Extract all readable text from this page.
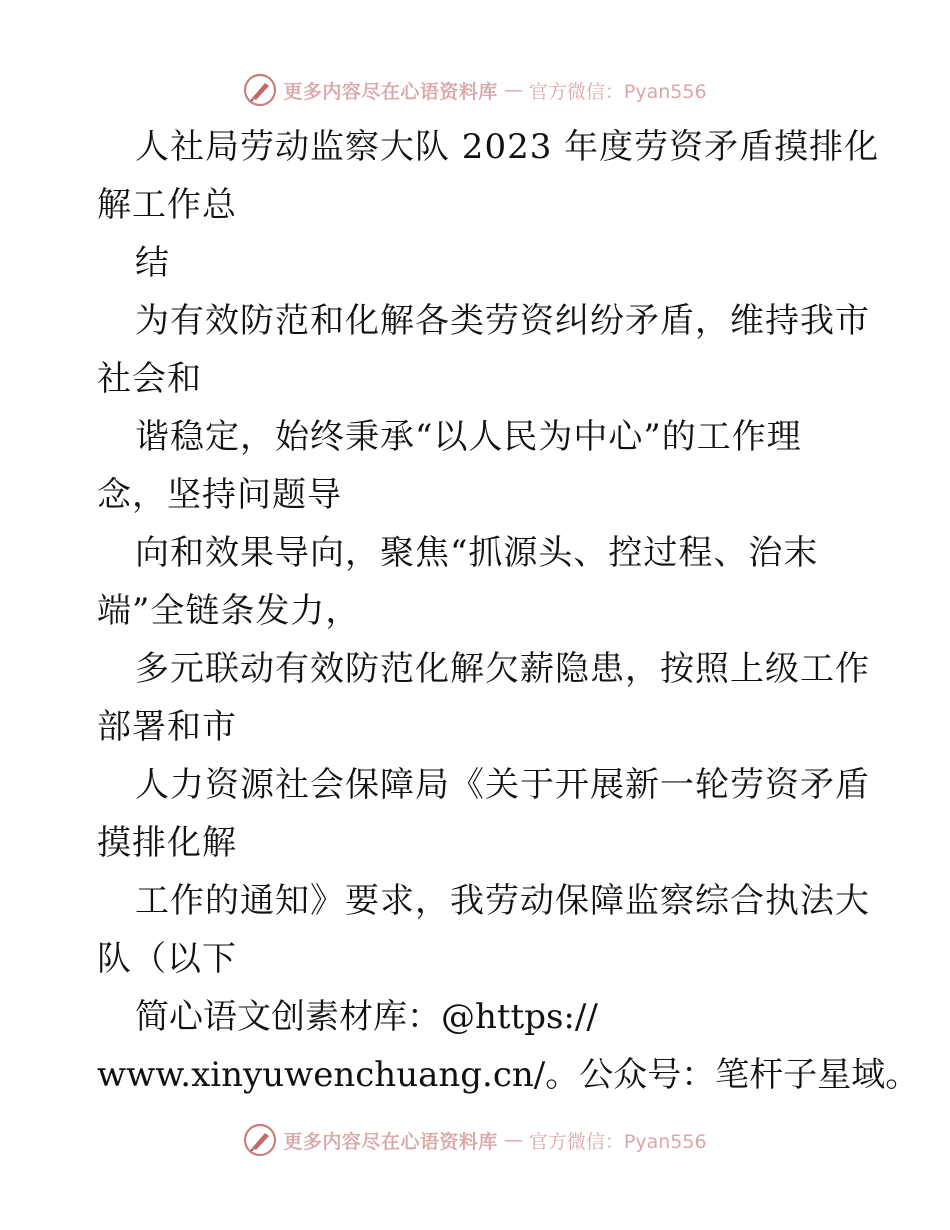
更多内容尽在心语资料库 — 官方微信：Pyan556
人社局劳动监察大队 2023 年度劳资矛盾摸排化
解工作总
结
为有效防范和化解各类劳资纠纷矛盾，维持我市
社会和
谐稳定，始终秉承“以人民为中心”的工作理
念，坚持问题导
向和效果导向，聚焦“抓源头、控过程、治末
端”全链条发力，
多元联动有效防范化解欠薪隐患，按照上级工作
部署和市
人力资源社会保障局《关于开展新一轮劳资矛盾
摸排化解
工作的通知》要求，我劳动保障监察综合执法大
队（以下
简心语文创素材库：@https://
www.xinyuwenchuang.cn/。公众号：笔杆子星域。
更多内容尽在心语资料库 — 官方微信：Pyan556
